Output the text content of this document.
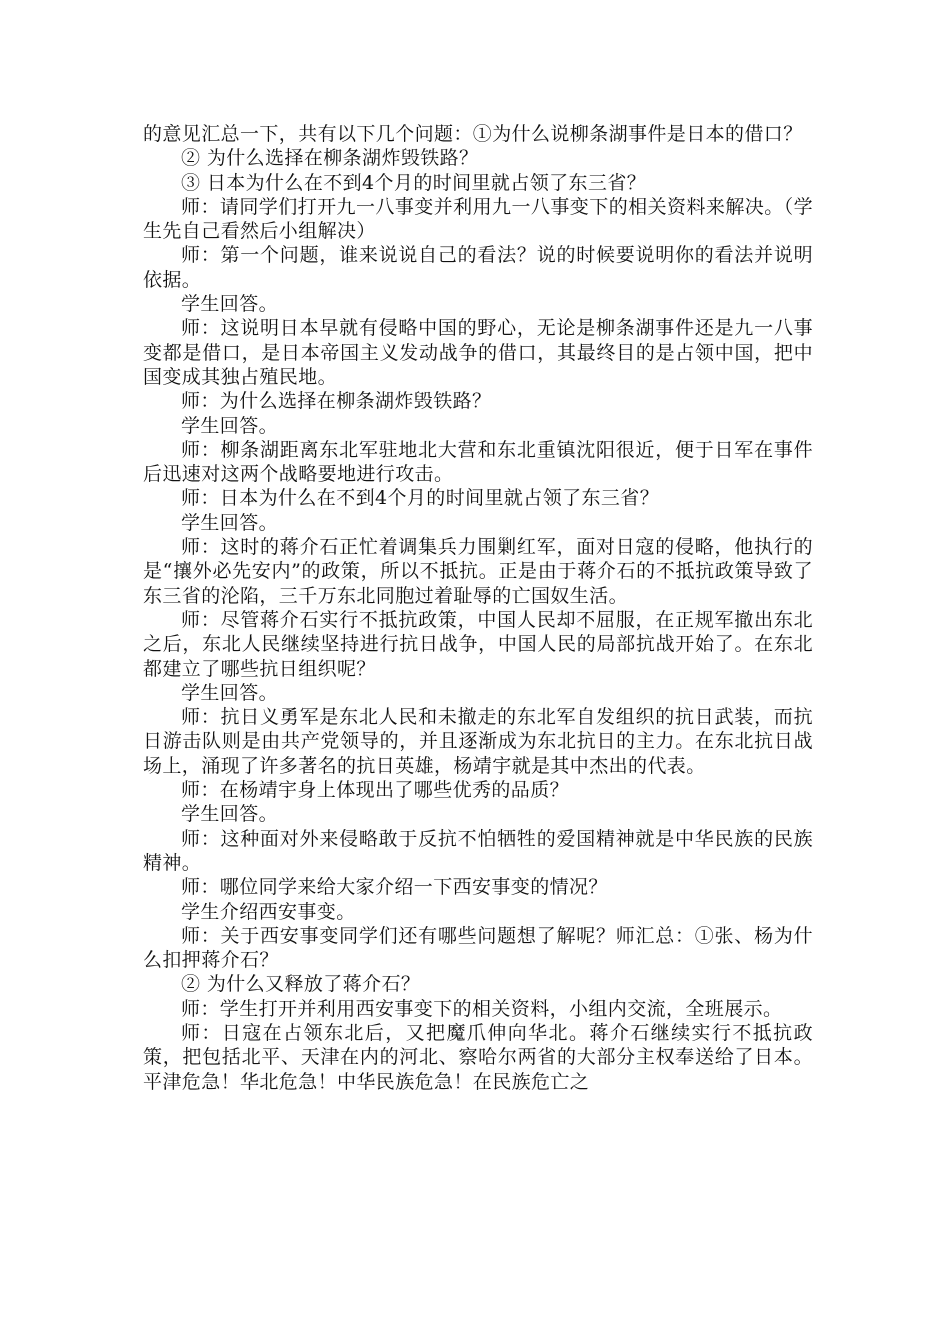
的意见汇总一下，共有以下几个问题：①为什么说柳条湖事件是日本的借口？

② 为什么选择在柳条湖炸毁铁路？

③ 日本为什么在不到4个月的时间里就占领了东三省？

师：请同学们打开九一八事变并利用九一八事变下的相关资料来解决。（学生先自己看然后小组解决）

师：第一个问题，谁来说说自己的看法？说的时候要说明你的看法并说明依据。

学生回答。

师：这说明日本早就有侵略中国的野心，无论是柳条湖事件还是九一八事变都是借口，是日本帝国主义发动战争的借口，其最终目的是占领中国，把中国变成其独占殖民地。

师：为什么选择在柳条湖炸毁铁路？

学生回答。

师：柳条湖距离东北军驻地北大营和东北重镇沈阳很近，便于日军在事件后迅速对这两个战略要地进行攻击。

师：日本为什么在不到4个月的时间里就占领了东三省？

学生回答。

师：这时的蒋介石正忙着调集兵力围剿红军，面对日寇的侵略，他执行的是“攘外必先安内”的政策，所以不抵抗。正是由于蒋介石的不抵抗政策导致了东三省的沦陷，三千万东北同胞过着耻辱的亡国奴生活。

师：尽管蒋介石实行不抵抗政策，中国人民却不屈服，在正规军撤出东北之后，东北人民继续坚持进行抗日战争，中国人民的局部抗战开始了。在东北都建立了哪些抗日组织呢？

学生回答。

师：抗日义勇军是东北人民和未撤走的东北军自发组织的抗日武装，而抗日游击队则是由共产党领导的，并且逐渐成为东北抗日的主力。在东北抗日战场上，涌现了许多著名的抗日英雄，杨靖宇就是其中杰出的代表。

师：在杨靖宇身上体现出了哪些优秀的品质？

学生回答。

师：这种面对外来侵略敢于反抗不怕牺牲的爱国精神就是中华民族的民族精神。

师：哪位同学来给大家介绍一下西安事变的情况？

学生介绍西安事变。

师：关于西安事变同学们还有哪些问题想了解呢？师汇总：①张、杨为什么扣押蒋介石？

② 为什么又释放了蒋介石？

师：学生打开并利用西安事变下的相关资料，小组内交流，全班展示。

师：日寇在占领东北后，又把魔爪伸向华北。蒋介石继续实行不抵抗政策，把包括北平、天津在内的河北、察哈尔两省的大部分主权奉送给了日本。平津危急！华北危急！中华民族危急！在民族危亡之
